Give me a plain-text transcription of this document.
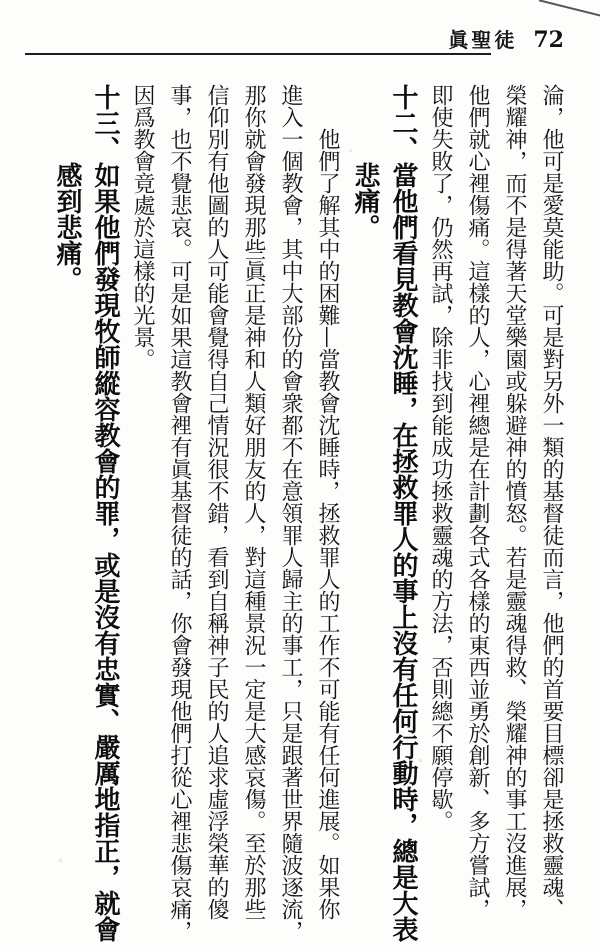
眞聖徒 72
淪，他可是愛莫能助。可是對另外一類的基督徒而言，他們的首要目標卻是拯救靈魂、
榮耀神，而不是得著天堂樂園或躲避神的憤怒。若是靈魂得救、榮耀神的事工沒進展，
他們就心裡傷痛。這樣的人，心裡總是在計劃各式各樣的東西並勇於創新、多方嘗試，
即使失敗了，仍然再試，除非找到能成功拯救靈魂的方法，否則總不願停歇。
十二、當他們看見教會沈睡，在拯救罪人的事上沒有任何行動時，總是大表
悲痛。
他們了解其中的困難—當教會沈睡時，拯救罪人的工作不可能有任何進展。如果你
進入一個教會，其中大部份的會衆都不在意領罪人歸主的事工，只是跟著世界隨波逐流，
那你就會發現那些眞正是神和人類好朋友的人，對這種景況一定是大感哀傷。至於那些
信仰別有他圖的人可能會覺得自己情況很不錯，看到自稱神子民的人追求虛浮榮華的傻
事，也不覺悲哀。可是如果這教會裡有眞基督徒的話，你會發現他們打從心裡悲傷哀痛，
因爲教會竟處於這樣的光景。
十三、如果他們發現牧師縱容教會的罪，或是沒有忠實、嚴厲地指正，就會
感到悲痛。
